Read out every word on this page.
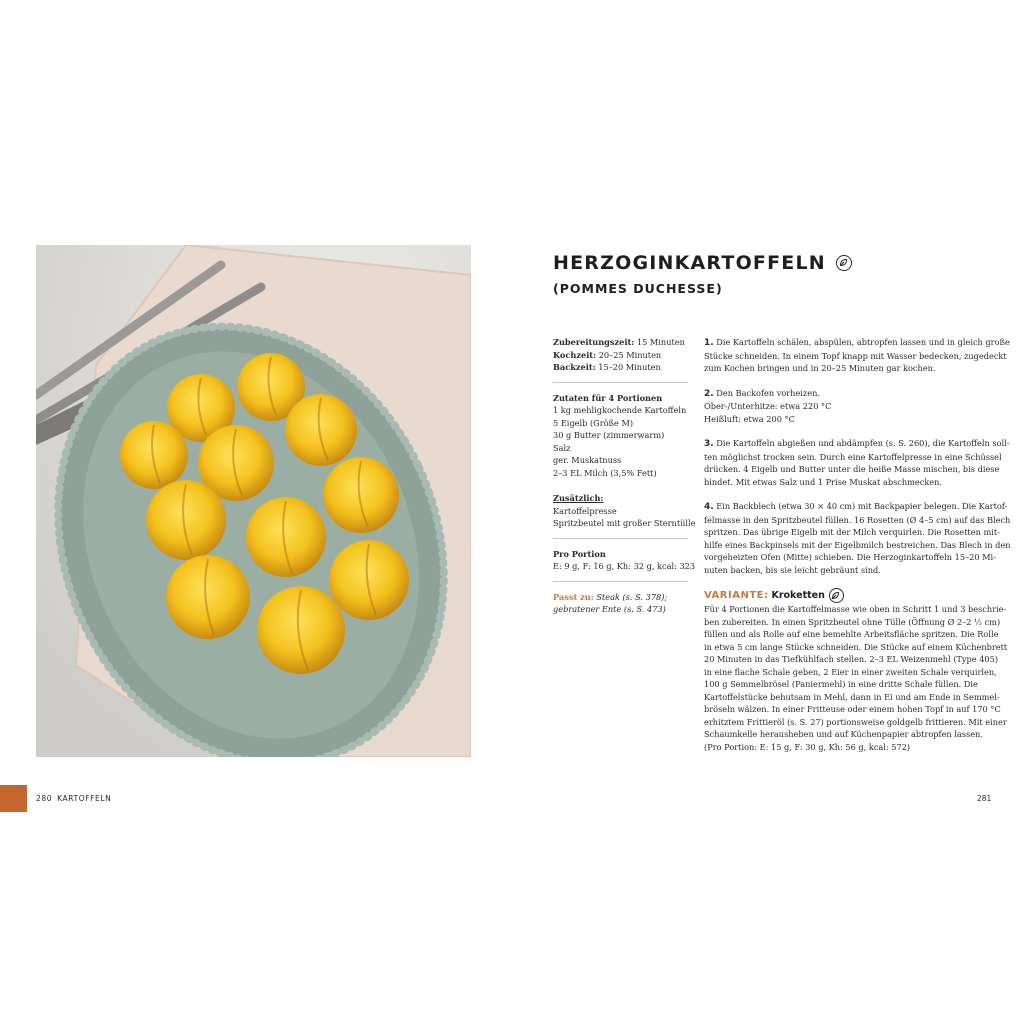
HERZOGINKARTOFFELN
(POMMES DUCHESSE)

Zubereitungszeit: 15 Minuten

Kochzeit: 20–25 Minuten

Backzeit: 15–20 Minuten

Zutaten für 4 Portionen

1 kg mehligkochende Kartoffeln

5 Eigelb (Größe M)

30 g Butter (zimmerwarm)

Salz

ger. Muskatnuss

2–3 EL Milch (3,5% Fett)

Zusätzlich:

Kartoffelpresse

Spritzbeutel mit großer Sterntülle

Pro Portion

E: 9 g, F: 16 g, Kh: 32 g, kcal: 323

Passt zu: Steak (s. S. 378);

gebratener Ente (s. S. 473)

1. Die Kartoffeln schälen, abspülen, abtropfen lassen und in gleich große
Stücke schneiden. In einem Topf knapp mit Wasser bedecken, zugedeckt
zum Kochen bringen und in 20–25 Minuten gar kochen.
2. Den Backofen vorheizen.
Ober-/Unterhitze: etwa 220 °C
Heißluft: etwa 200 °C
3. Die Kartoffeln abgießen und abdämpfen (s. S. 260), die Kartoffeln soll-
ten möglichst trocken sein. Durch eine Kartoffelpresse in eine Schüssel
drücken. 4 Eigelb und Butter unter die heiße Masse mischen, bis diese
bindet. Mit etwas Salz und 1 Prise Muskat abschmecken.
4. Ein Backblech (etwa 30 × 40 cm) mit Backpapier belegen. Die Kartof-
felmasse in den Spritzbeutel füllen. 16 Rosetten (Ø 4–5 cm) auf das Blech
spritzen. Das übrige Eigelb mit der Milch verquirlen. Die Rosetten mit-
hilfe eines Backpinsels mit der Eigelbmilch bestreichen. Das Blech in den
vorgeheizten Ofen (Mitte) schieben. Die Herzoginkartoffeln 15–20 Mi-
nuten backen, bis sie leicht gebräunt sind.

VARIANTE: Kroketten

Für 4 Portionen die Kartoffelmasse wie oben in Schritt 1 und 3 beschrie-
ben zubereiten. In einen Spritzbeutel ohne Tülle (Öffnung Ø 2–2 ½ cm)
füllen und als Rolle auf eine bemehlte Arbeitsfläche spritzen. Die Rolle
in etwa 5 cm lange Stücke schneiden. Die Stücke auf einem Küchenbrett
20 Minuten in das Tiefkühlfach stellen. 2–3 EL Weizenmehl (Type 405)
in eine flache Schale geben, 2 Eier in einer zweiten Schale verquirlen,
100 g Semmelbrösel (Paniermehl) in eine dritte Schale füllen. Die
Kartoffelstücke behutsam in Mehl, dann in Ei und am Ende in Semmel-
bröseln wälzen. In einer Fritteuse oder einem hohen Topf in auf 170 °C
erhitztem Frittieröl (s. S. 27) portionsweise goldgelb frittieren. Mit einer
Schaumkelle herausheben und auf Küchenpapier abtropfen lassen.
(Pro Portion: E: 15 g, F: 30 g, Kh: 56 g, kcal: 572)
280 KARTOFFELN	281
